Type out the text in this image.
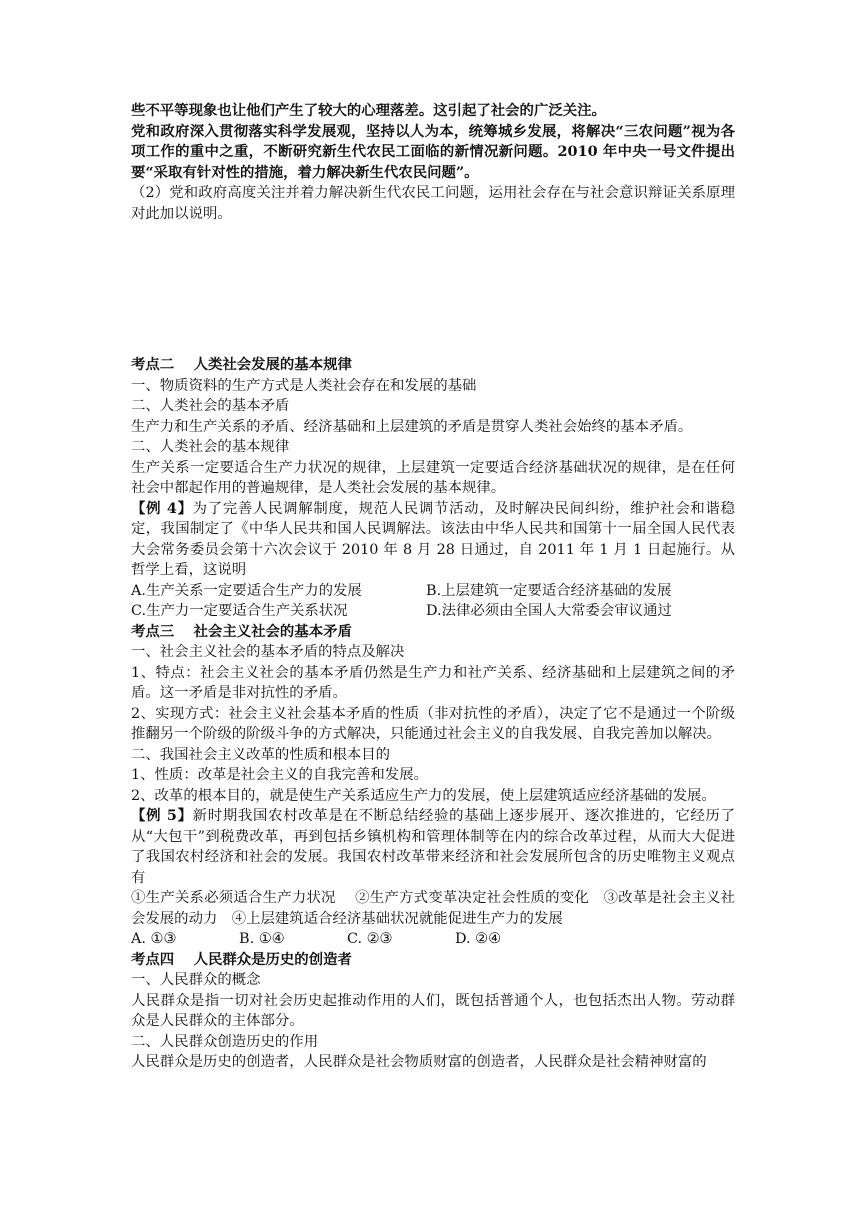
些不平等现象也让他们产生了较大的心理落差。这引起了社会的广泛关注。

党和政府深入贯彻落实科学发展观，坚持以人为本，统筹城乡发展，将解决“三农问题”视为各项工作的重中之重，不断研究新生代农民工面临的新情况新问题。2010 年中央一号文件提出要“采取有针对性的措施，着力解决新生代农民问题”。

（2）党和政府高度关注并着力解决新生代农民工问题，运用社会存在与社会意识辩证关系原理对此加以说明。

考点二　 人类社会发展的基本规律

一、物质资料的生产方式是人类社会存在和发展的基础

二、人类社会的基本矛盾

生产力和生产关系的矛盾、经济基础和上层建筑的矛盾是贯穿人类社会始终的基本矛盾。

二、人类社会的基本规律

生产关系一定要适合生产力状况的规律，上层建筑一定要适合经济基础状况的规律，是在任何社会中都起作用的普遍规律，是人类社会发展的基本规律。

【例 4】为了完善人民调解制度，规范人民调节活动，及时解决民间纠纷，维护社会和谐稳定，我国制定了《中华人民共和国人民调解法。该法由中华人民共和国第十一届全国人民代表大会常务委员会第十六次会议于 2010 年 8 月 28 日通过，自 2011 年 1 月 1 日起施行。从哲学上看，这说明

A.生产关系一定要适合生产力的发展	B.上层建筑一定要适合经济基础的发展

C.生产力一定要适合生产关系状况	D.法律必须由全国人大常委会审议通过

考点三　 社会主义社会的基本矛盾

一、社会主义社会的基本矛盾的特点及解决

1、特点：社会主义社会的基本矛盾仍然是生产力和社产关系、经济基础和上层建筑之间的矛盾。这一矛盾是非对抗性的矛盾。

2、实现方式：社会主义社会基本矛盾的性质（非对抗性的矛盾），决定了它不是通过一个阶级推翻另一个阶级的阶级斗争的方式解决，只能通过社会主义的自我发展、自我完善加以解决。

二、我国社会主义改革的性质和根本目的

1、性质：改革是社会主义的自我完善和发展。

2、改革的根本目的，就是使生产关系适应生产力的发展，使上层建筑适应经济基础的发展。

【例 5】新时期我国农村改革是在不断总结经验的基础上逐步展开、逐次推进的，它经历了从“大包干”到税费改革，再到包括乡镇机构和管理体制等在内的综合改革过程，从而大大促进了我国农村经济和社会的发展。我国农村改革带来经济和社会发展所包含的历史唯物主义观点有

①生产关系必须适合生产力状况　 ②生产方式变革决定社会性质的变化　③改革是社会主义社会发展的动力　④上层建筑适合经济基础状况就能促进生产力的发展

A. ①③	B. ①④	C. ②③	D. ②④

考点四　 人民群众是历史的创造者

一、人民群众的概念

人民群众是指一切对社会历史起推动作用的人们，既包括普通个人，也包括杰出人物。劳动群众是人民群众的主体部分。

二、人民群众创造历史的作用

人民群众是历史的创造者，人民群众是社会物质财富的创造者，人民群众是社会精神财富的
